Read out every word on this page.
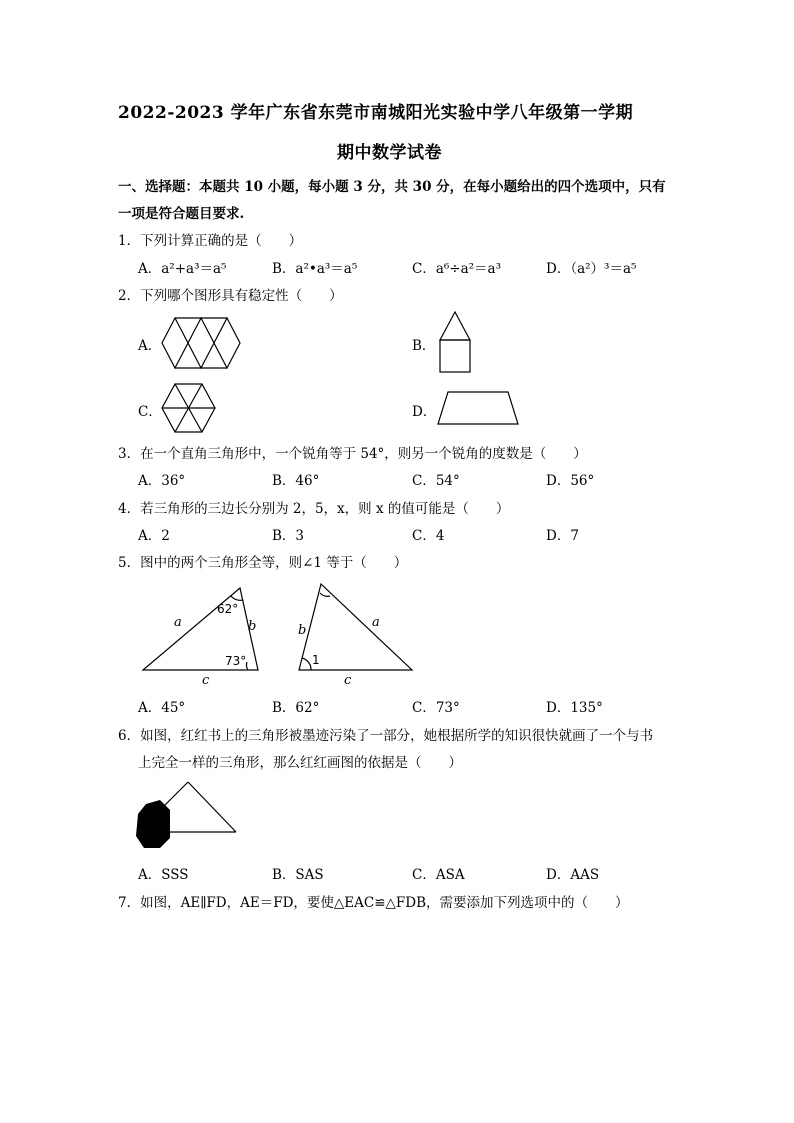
2022-2023 学年广东省东莞市南城阳光实验中学八年级第一学期
期中数学试卷
一、选择题：本题共 10 小题，每小题 3 分，共 30 分，在每小题给出的四个选项中，只有
一项是符合题目要求.
1．下列计算正确的是（　　）
A．a²+a³＝a⁵	B．a²•a³＝a⁵	C．a⁶÷a²＝a³	D．（a²）³＝a⁵
2．下列哪个图形具有稳定性（　　）
A．	B．
C．	D．
3．在一个直角三角形中，一个锐角等于 54°，则另一个锐角的度数是（　　）
A．36°	B．46°	C．54°	D．56°
4．若三角形的三边长分别为 2，5，x，则 x 的值可能是（　　）
A．2	B．3	C．4	D．7
5．图中的两个三角形全等，则∠1 等于（　　）
a	b
c
62°
73°
b
a
c
1
A．45°	B．62°	C．73°	D．135°
6．如图，红红书上的三角形被墨迹污染了一部分，她根据所学的知识很快就画了一个与书
上完全一样的三角形，那么红红画图的依据是（　　）
A．SSS	B．SAS	C．ASA	D．AAS
7．如图，AE∥FD，AE＝FD，要使△EAC≌△FDB，需要添加下列选项中的（　　）
